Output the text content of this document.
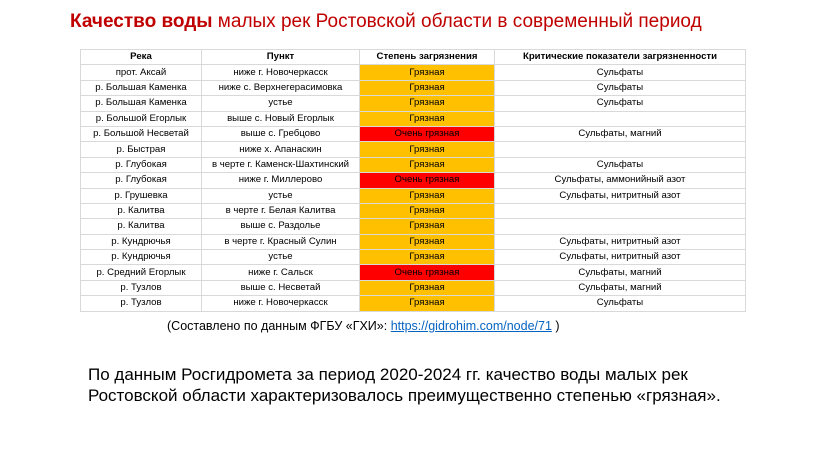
Качество воды малых рек Ростовской области в современный период
Река	Пункт	Степень загрязнения	Критические показатели загрязненности
прот. Аксай	ниже г. Новочеркасск	Грязная	Сульфаты
р. Большая Каменка	ниже с. Верхнегерасимовка	Грязная	Сульфаты
р. Большая Каменка	устье	Грязная	Сульфаты
р. Большой Егорлык	выше с. Новый Егорлык	Грязная	
р. Большой Несветай	выше с. Гребцово	Очень грязная	Сульфаты, магний
р. Быстрая	ниже х. Апанаскин	Грязная	
р. Глубокая	в черте г. Каменск-Шахтинский	Грязная	Сульфаты
р. Глубокая	ниже г. Миллерово	Очень грязная	Сульфаты, аммонийный азот
р. Грушевка	устье	Грязная	Сульфаты, нитритный азот
р. Калитва	в черте г. Белая Калитва	Грязная	
р. Калитва	выше с. Раздолье	Грязная	
р. Кундрючья	в черте г. Красный Сулин	Грязная	Сульфаты, нитритный азот
р. Кундрючья	устье	Грязная	Сульфаты, нитритный азот
р. Средний Егорлык	ниже г. Сальск	Очень грязная	Сульфаты, магний
р. Тузлов	выше с. Несветай	Грязная	Сульфаты, магний
р. Тузлов	ниже г. Новочеркасск	Грязная	Сульфаты
(Составлено по данным ФГБУ «ГХИ»: https://gidrohim.com/node/71 )
По данным Росгидромета за период 2020-2024 гг. качество воды малых рек Ростовской области характеризовалось преимущественно степенью «грязная».
